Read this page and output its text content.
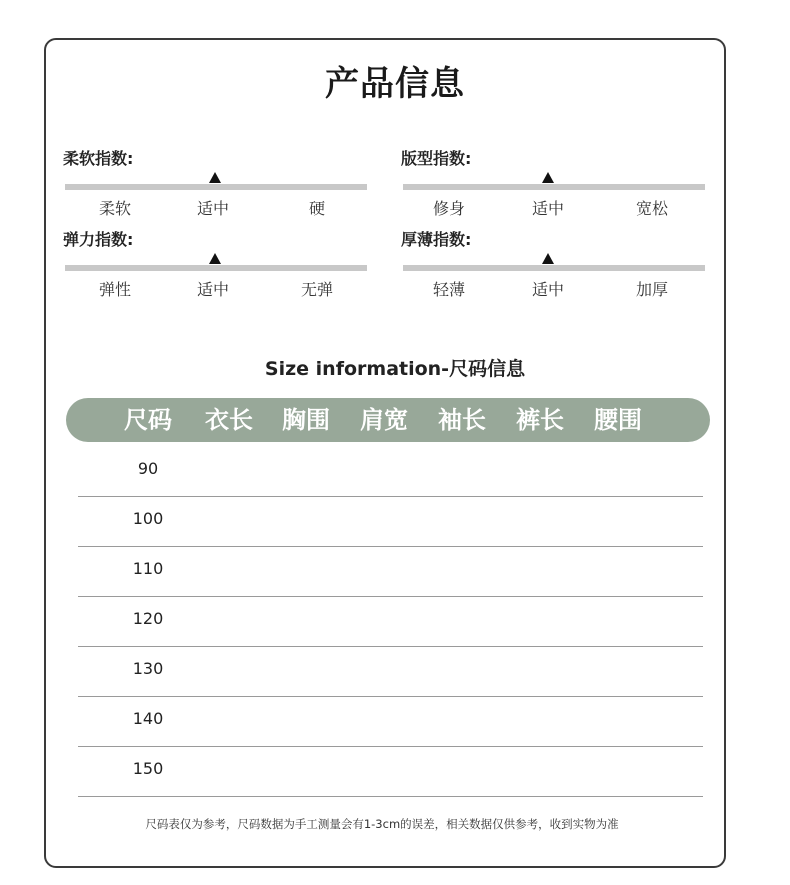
产品信息
柔软指数:
柔软	适中	硬
版型指数:
修身	适中	宽松
弹力指数:
弹性	适中	无弹
厚薄指数:
轻薄	适中	加厚
Size information-尺码信息
尺码	衣长	胸围	肩宽	袖长	裤长	腰围
90
100
110
120
130
140
150
尺码表仅为参考，尺码数据为手工测量会有1-3cm的误差，相关数据仅供参考，收到实物为准
